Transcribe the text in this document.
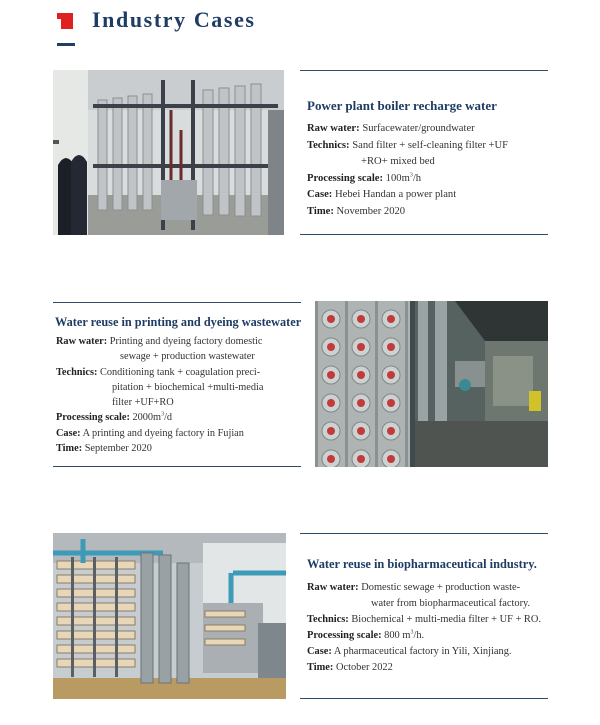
Industry Cases
Power plant boiler recharge water
Raw water: Surfacewater/groundwater
Technics: Sand filter + self-cleaning filter +UF
+RO+ mixed bed
Processing scale: $100m^3/h$
Case: Hebei Handan a power plant
Time: November 2020
Water reuse in printing and dyeing wastewater
Raw water: Printing and dyeing factory domestic
sewage + production wastewater
Technics: Conditioning tank + coagulation preci-
pitation + biochemical +multi-media
filter +UF+RO
Processing scale: $2000m^3/d$
Case: A printing and dyeing factory in Fujian
Time: September 2020
Water reuse in biopharmaceutical industry.
Raw water: Domestic sewage + production waste-
water from biopharmaceutical factory.
Technics: Biochemical + multi-media filter + UF + RO.
Processing scale: 800 $m^3/h$.
Case: A pharmaceutical factory in Yili, Xinjiang.
Time: October 2022
